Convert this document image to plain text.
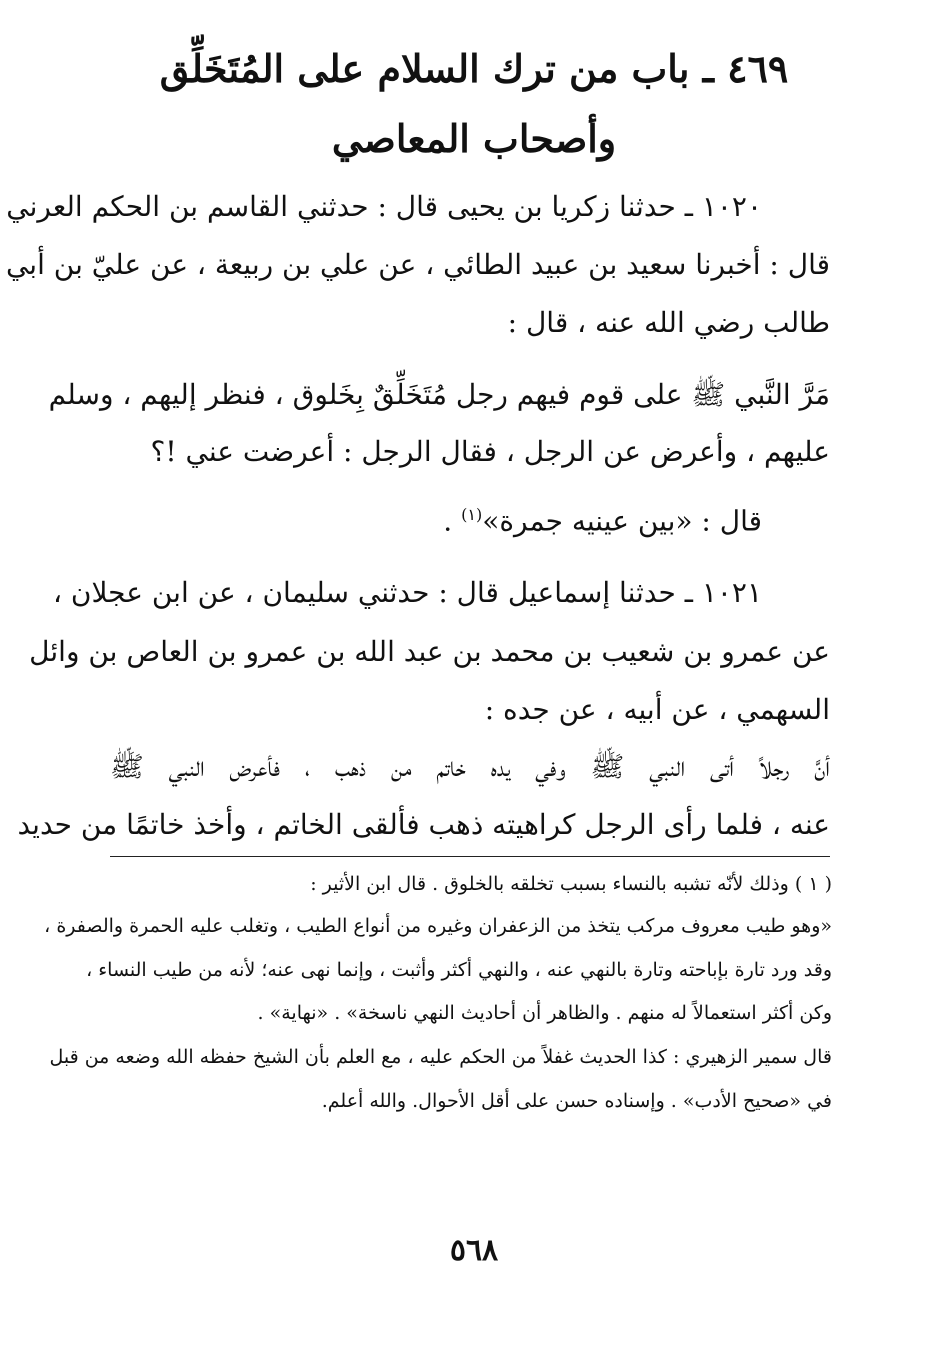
٤٦٩ ـ باب من ترك السلام على المُتَخَلِّق
وأصحاب المعاصي
١٠٢٠ ـ حدثنا زكريا بن يحيى قال : حدثني القاسم بن الحكم العرني
قال : أخبرنا سعيد بن عبيد الطائي ، عن علي بن ربيعة ، عن عليّ بن أبي
طالب رضي الله عنه ، قال :
مَرَّ النَّبي ﷺ على قوم فيهم رجل مُتَخَلِّقٌ بِخَلوق ، فنظر إليهم ، وسلم
عليهم ، وأعرض عن الرجل ، فقال الرجل : أعرضت عني !؟
قال : «بين عينيه جمرة»$^{(١)}$ .
١٠٢١ ـ حدثنا إسماعيل قال : حدثني سليمان ، عن ابن عجلان ،
عن عمرو بن شعيب بن محمد بن عبد الله بن عمرو بن العاص بن وائل
السهمي ، عن أبيه ، عن جده :
أنَّ رجلاً أتى النبي ﷺ وفي يده خاتم من ذهب ، فأعرض النبي ﷺ
عنه ، فلما رأى الرجل كراهيته ذهب فألقى الخاتم ، وأخذ خاتمًا من حديد
( ١ ) وذلك لأنّه تشبه بالنساء بسبب تخلقه بالخلوق . قال ابن الأثير :
«وهو طيب معروف مركب يتخذ من الزعفران وغيره من أنواع الطيب ، وتغلب عليه الحمرة والصفرة ،
وقد ورد تارة بإباحته وتارة بالنهي عنه ، والنهي أكثر وأثبت ، وإنما نهى عنه؛ لأنه من طيب النساء ،
وكن أكثر استعمالاً له منهم . والظاهر أن أحاديث النهي ناسخة» . «نهاية» .
قال سمير الزهيري : كذا الحديث غفلاً من الحكم عليه ، مع العلم بأن الشيخ حفظه الله وضعه من قبل
في «صحيح الأدب» . وإسناده حسن على أقل الأحوال. والله أعلم.
٥٦٨
